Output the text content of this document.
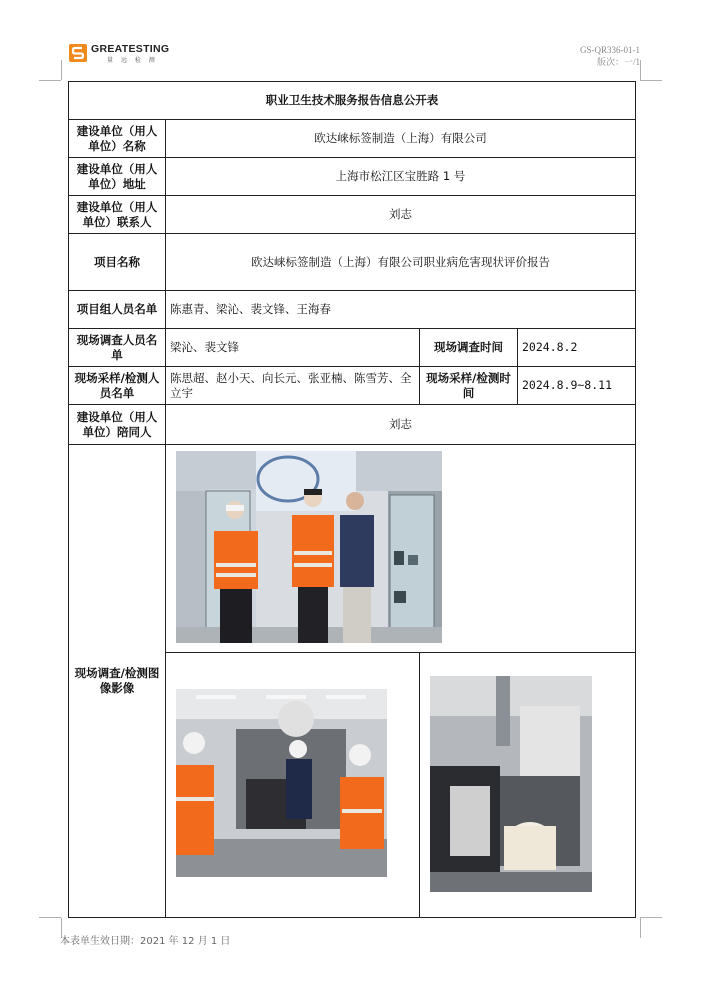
GREATESTING
量 远 检 测
GS-QR336-01-1
版次：一/1
职业卫生技术服务报告信息公开表			
建设单位（用人单位）名称	欧达崃标签制造（上海）有限公司		
建设单位（用人单位）地址	上海市松江区宝胜路 1 号		
建设单位（用人单位）联系人	刘志		
项目名称	欧达崃标签制造（上海）有限公司职业病危害现状评价报告		
项目组人员名单	陈惠青、梁沁、裴文锋、王海春		
现场调查人员名单	梁沁、裴文锋	现场调查时间	2024.8.2
现场采样/检测人员名单	陈思超、赵小天、向长元、张亚楠、陈雪芳、全立宇	现场采样/检测时间	2024.8.9~8.11
建设单位（用人单位）陪同人	刘志		
现场调查/检测图像影像	

本表单生效日期：2021 年 12 月 1 日
